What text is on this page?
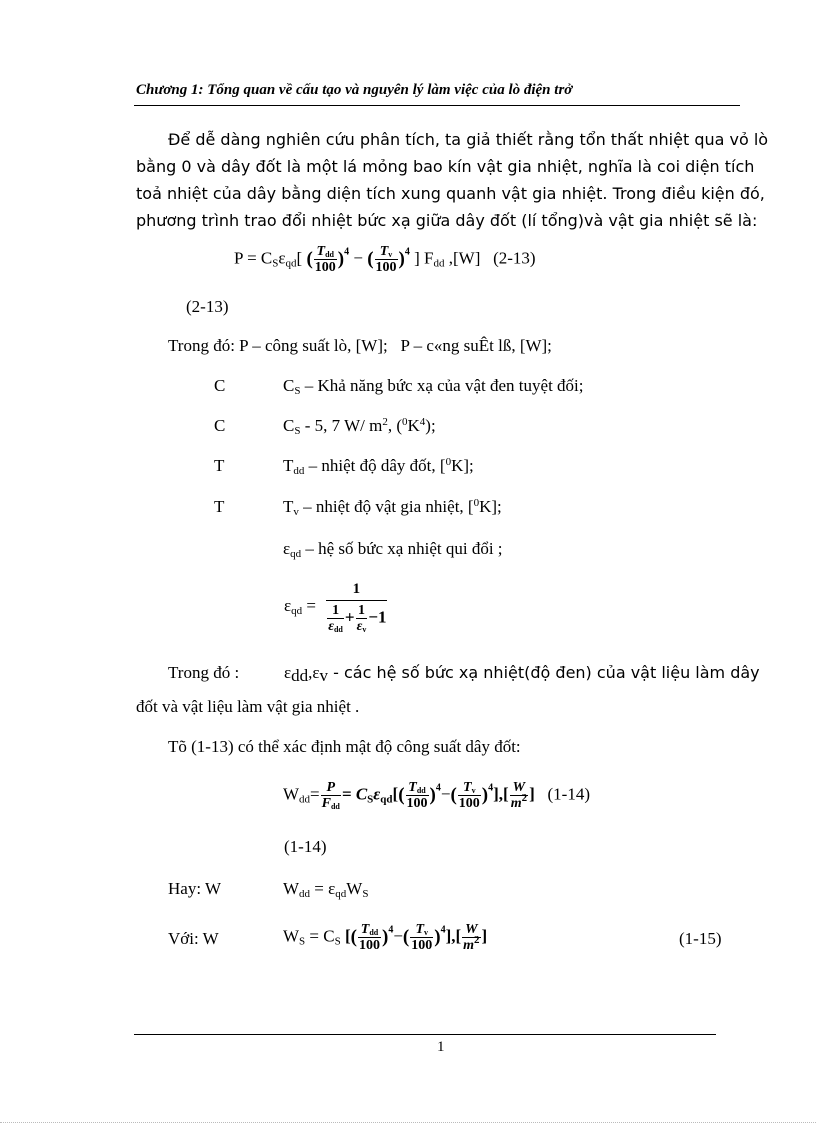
Chương 1: Tổng quan về cấu tạo và nguyên lý làm việc của lò điện trở
Để dễ dàng nghiên cứu phân tích, ta giả thiết rằng tổn thất nhiệt qua vỏ lò
bằng 0 và dây đốt là một lá mỏng bao kín vật gia nhiệt, nghĩa là coi diện tích
toả nhiệt của dây bằng diện tích xung quanh vật gia nhiệt. Trong điều kiện đó,
phương trình trao đổi nhiệt bức xạ giữa dây đốt (lí tổng)và vật gia nhiệt sẽ là:
$P = C_S\varepsilon_{qd}$[ ( $T_{dd}$
100 )$^4$ − ( $\frac{T_v}{100} )^4$ ] $F_{dd}$ ,[W] (2-13)
(2-13)
Trong đó: P – công suất lò, [W]; P – c«ng suÊt lß, [W];
C	$C_S$ – Khả năng bức xạ của vật đen tuyệt đối;
C	$C_S - 5$, 7 W/ $m^2$, $(^0K^4)$;
T	$T_{dd}$ – nhiệt độ dây đốt, [$^0$K];
T	$T_v$ – nhiệt độ vật gia nhiệt, [$^0$K];
$\varepsilon_{qd}$ – hệ số bức xạ nhiệt qui đổi ;
$\varepsilon_{qd}$ =
1
1
$\varepsilon_{dd}$
+ $\frac{1}{\varepsilon_v} -1$
Trong đó :	$\varepsilon_{dd},\varepsilon_v$ - các hệ số bức xạ nhiệt(độ đen) của vật liệu làm dây
đốt và vật liệu làm vật gia nhiệt .
Tõ (1-13) có thể xác định mật độ công suất dây đốt:
$W_{dd}= P$
$F_{dd}$
= $C_S\varepsilon_{qd}$[( $T_{dd}$
100 )$^4-( \frac{T_v}{100} )^4],[ \frac{W}{m^2}$ ] (1-14)
(1-14)
Hay: W	$W_{dd} = \varepsilon_{qd}W_S$
Với: W	$W_S = C_S$ [( $T_{dd}$
100 )$^4-( \frac{T_v}{100} )^4],[ \frac{W}{m^2}$ ]	(1-15)
1
